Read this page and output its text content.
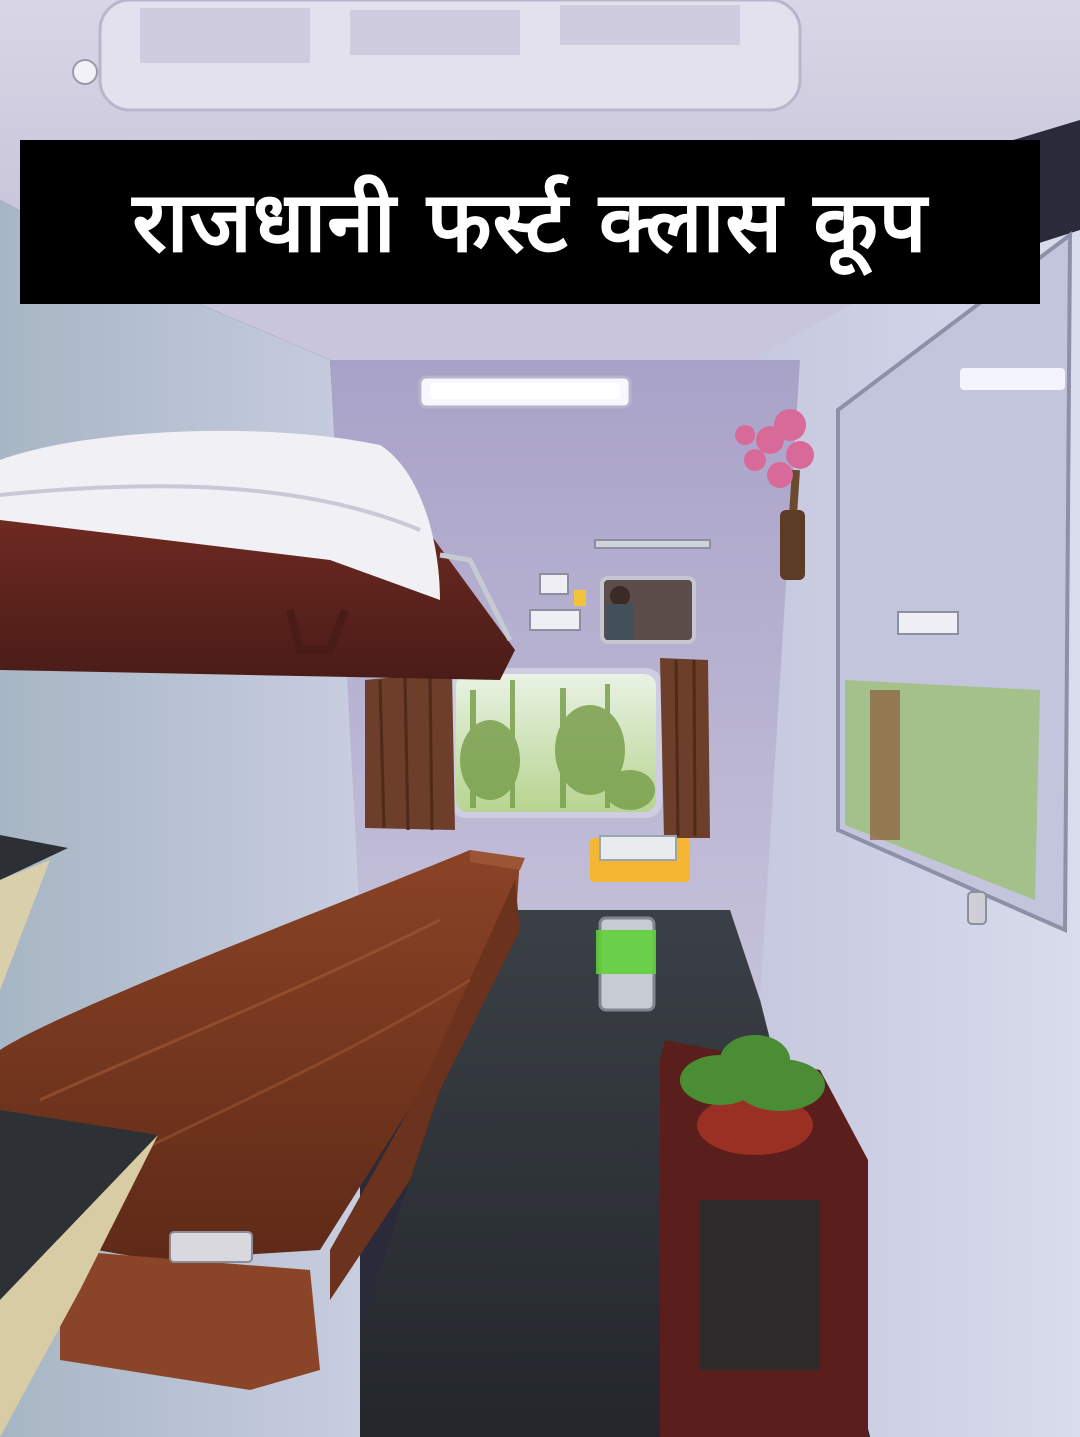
राजधानी फर्स्ट क्लास कूप
